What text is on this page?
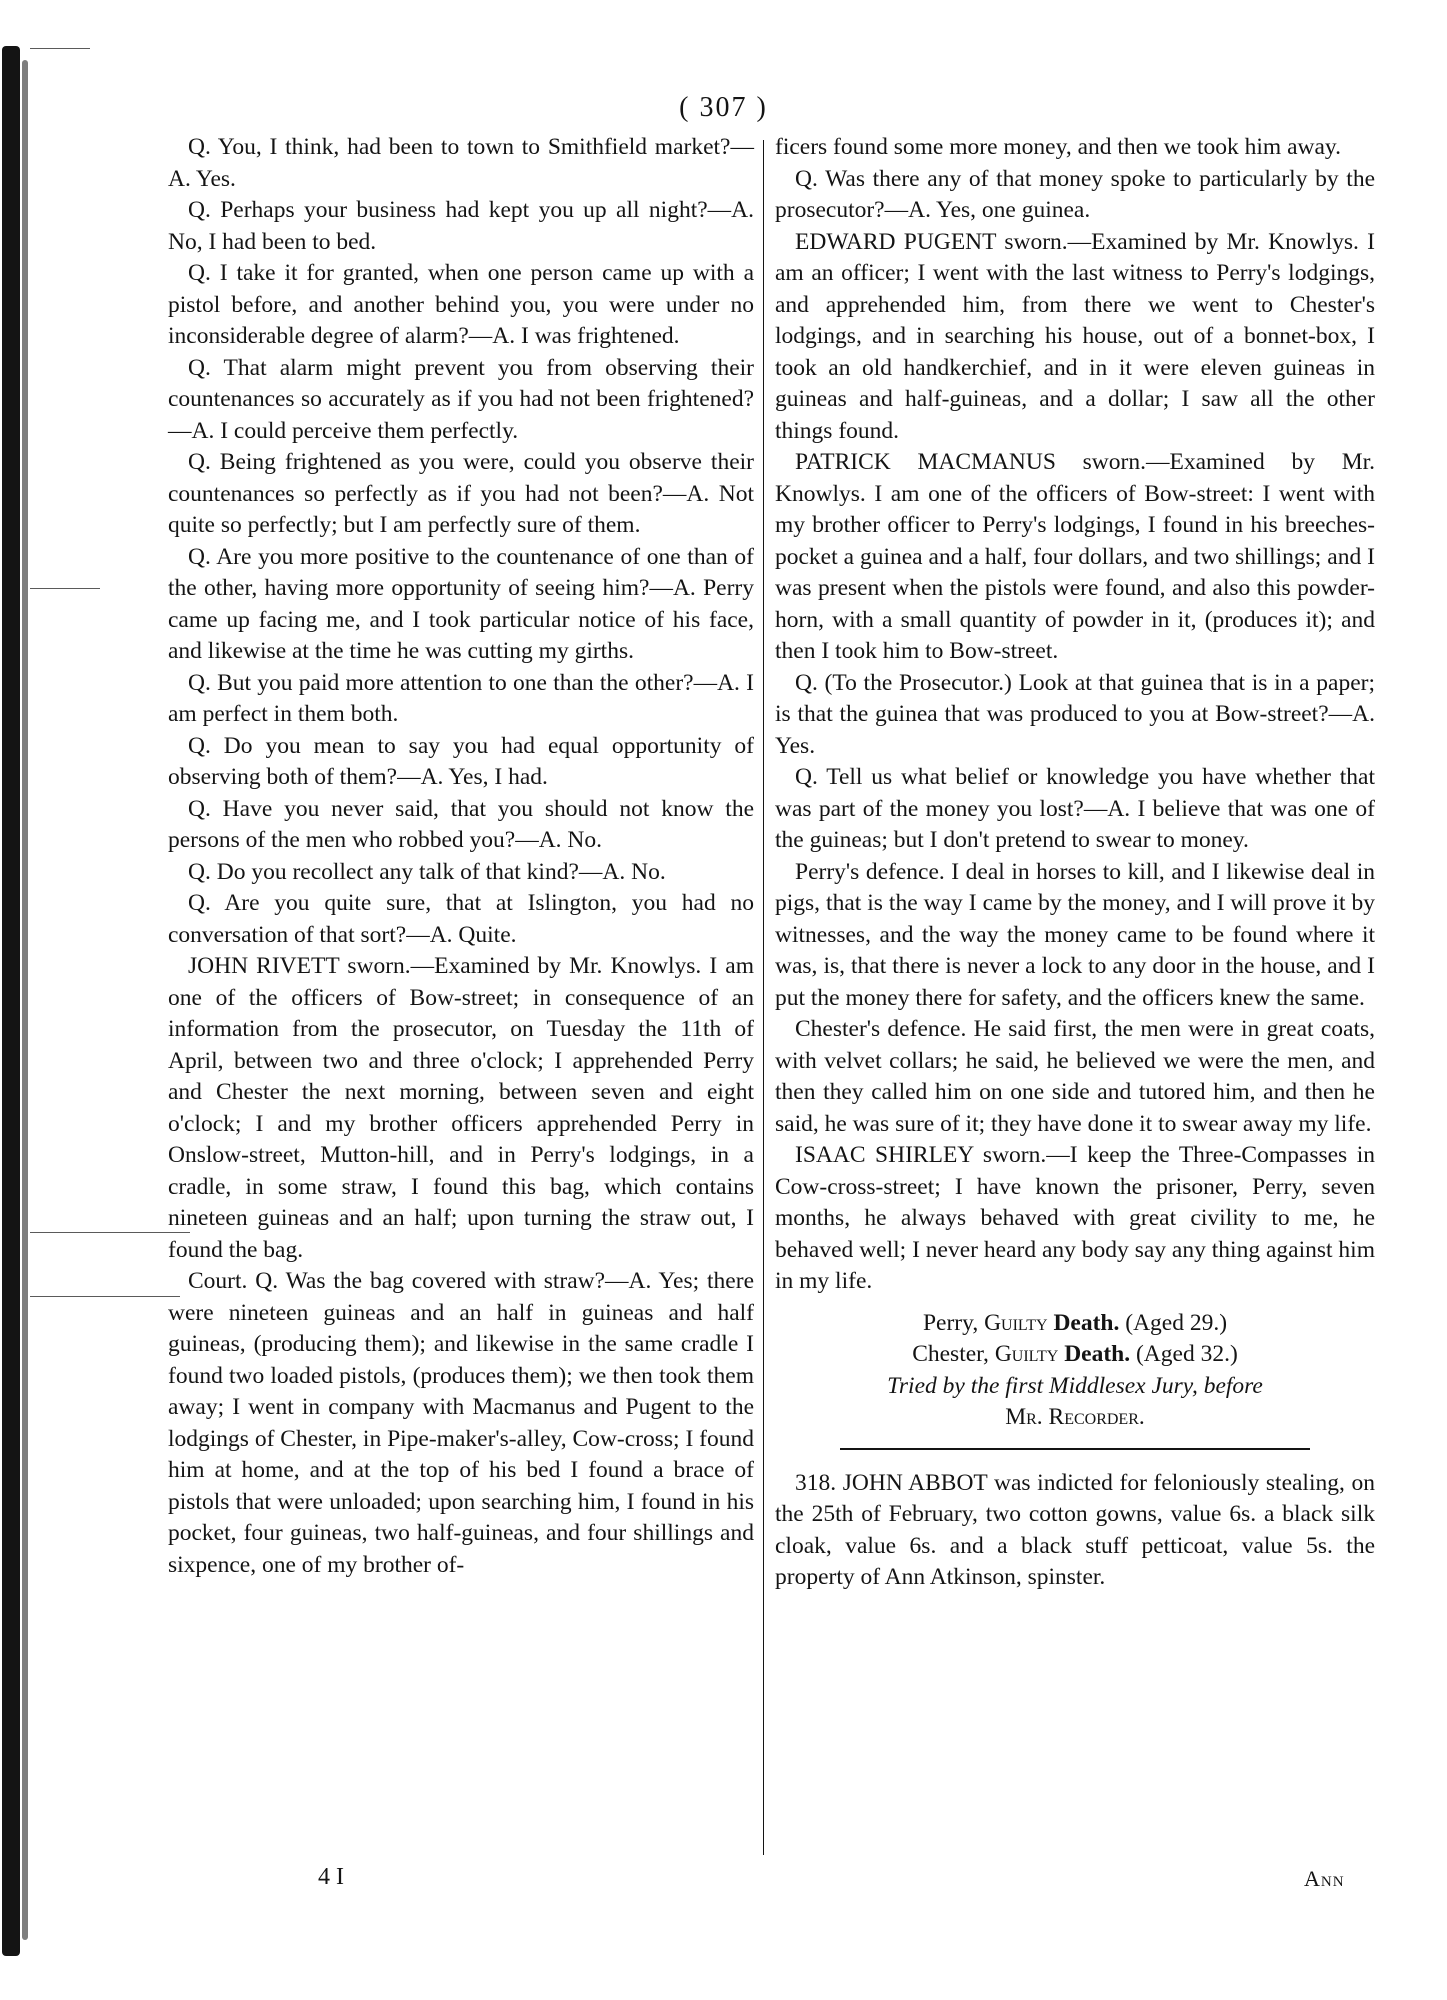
( 307 )

Q. You, I think, had been to town to Smithfield market?—A. Yes.

Q. Perhaps your business had kept you up all night?—A. No, I had been to bed.

Q. I take it for granted, when one person came up with a pistol before, and another behind you, you were under no inconsiderable degree of alarm?—A. I was frightened.

Q. That alarm might prevent you from observing their countenances so accurately as if you had not been frightened?—A. I could perceive them perfectly.

Q. Being frightened as you were, could you observe their countenances so perfectly as if you had not been?—A. Not quite so perfectly; but I am perfectly sure of them.

Q. Are you more positive to the countenance of one than of the other, having more opportunity of seeing him?—A. Perry came up facing me, and I took particular notice of his face, and likewise at the time he was cutting my girths.

Q. But you paid more attention to one than the other?—A. I am perfect in them both.

Q. Do you mean to say you had equal opportunity of observing both of them?—A. Yes, I had.

Q. Have you never said, that you should not know the persons of the men who robbed you?—A. No.

Q. Do you recollect any talk of that kind?—A. No.

Q. Are you quite sure, that at Islington, you had no conversation of that sort?—A. Quite.

JOHN RIVETT sworn.—Examined by Mr. Knowlys. I am one of the officers of Bow-street; in consequence of an information from the prosecutor, on Tuesday the 11th of April, between two and three o'clock; I apprehended Perry and Chester the next morning, between seven and eight o'clock; I and my brother officers apprehended Perry in Onslow-street, Mutton-hill, and in Perry's lodgings, in a cradle, in some straw, I found this bag, which contains nineteen guineas and an half; upon turning the straw out, I found the bag.

Court. Q. Was the bag covered with straw?—A. Yes; there were nineteen guineas and an half in guineas and half guineas, (producing them); and likewise in the same cradle I found two loaded pistols, (produces them); we then took them away; I went in company with Macmanus and Pugent to the lodgings of Chester, in Pipe-maker's-alley, Cow-cross; I found him at home, and at the top of his bed I found a brace of pistols that were unloaded; upon searching him, I found in his pocket, four guineas, two half-guineas, and four shillings and sixpence, one of my brother of-

ficers found some more money, and then we took him away.

Q. Was there any of that money spoke to particularly by the prosecutor?—A. Yes, one guinea.

EDWARD PUGENT sworn.—Examined by Mr. Knowlys. I am an officer; I went with the last witness to Perry's lodgings, and apprehended him, from there we went to Chester's lodgings, and in searching his house, out of a bonnet-box, I took an old handkerchief, and in it were eleven guineas in guineas and half-guineas, and a dollar; I saw all the other things found.

PATRICK MACMANUS sworn.—Examined by Mr. Knowlys. I am one of the officers of Bow-street: I went with my brother officer to Perry's lodgings, I found in his breeches-pocket a guinea and a half, four dollars, and two shillings; and I was present when the pistols were found, and also this powder-horn, with a small quantity of powder in it, (produces it); and then I took him to Bow-street.

Q. (To the Prosecutor.) Look at that guinea that is in a paper; is that the guinea that was produced to you at Bow-street?—A. Yes.

Q. Tell us what belief or knowledge you have whether that was part of the money you lost?—A. I believe that was one of the guineas; but I don't pretend to swear to money.

Perry's defence. I deal in horses to kill, and I likewise deal in pigs, that is the way I came by the money, and I will prove it by witnesses, and the way the money came to be found where it was, is, that there is never a lock to any door in the house, and I put the money there for safety, and the officers knew the same.

Chester's defence. He said first, the men were in great coats, with velvet collars; he said, he believed we were the men, and then they called him on one side and tutored him, and then he said, he was sure of it; they have done it to swear away my life.

ISAAC SHIRLEY sworn.—I keep the Three-Compasses in Cow-cross-street; I have known the prisoner, Perry, seven months, he always behaved with great civility to me, he behaved well; I never heard any body say any thing against him in my life.

Perry, Guilty Death. (Aged 29.)
Chester, Guilty Death. (Aged 32.)
Tried by the first Middlesex Jury, before
Mr. Recorder.

318. JOHN ABBOT was indicted for feloniously stealing, on the 25th of February, two cotton gowns, value 6s. a black silk cloak, value 6s. and a black stuff petticoat, value 5s. the property of Ann Atkinson, spinster.

4 I	Ann
